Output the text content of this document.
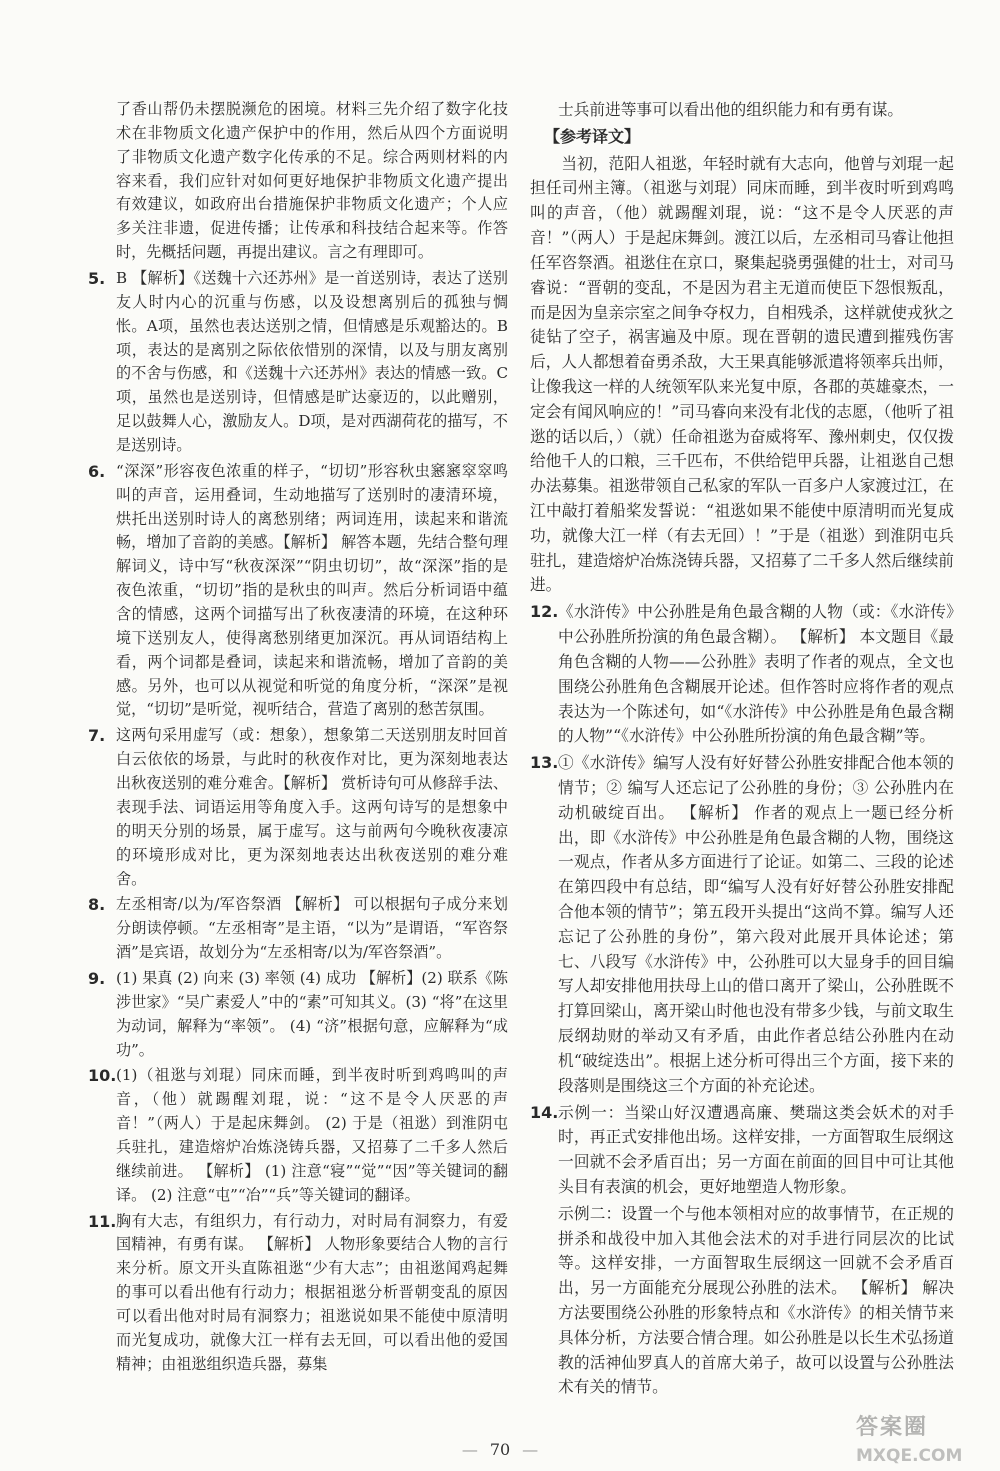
了香山帮仍未摆脱濒危的困境。材料三先介绍了数字化技术在非物质文化遗产保护中的作用，然后从四个方面说明了非物质文化遗产数字化传承的不足。综合两则材料的内容来看，我们应针对如何更好地保护非物质文化遗产提出有效建议，如政府出台措施保护非物质文化遗产；个人应多关注非遗，促进传播；让传承和科技结合起来等。作答时，先概括问题，再提出建议。言之有理即可。
5. B 【解析】《送魏十六还苏州》是一首送别诗，表达了送别友人时内心的沉重与伤感，以及设想离别后的孤独与惆怅。A项，虽然也表达送别之情，但情感是乐观豁达的。B项，表达的是离别之际依依惜别的深情，以及与朋友离别的不舍与伤感，和《送魏十六还苏州》表达的情感一致。C项，虽然也是送别诗，但情感是旷达豪迈的，以此赠别，足以鼓舞人心，激励友人。D项，是对西湖荷花的描写，不是送别诗。
6. “深深”形容夜色浓重的样子，“切切”形容秋虫窸窸窣窣鸣叫的声音，运用叠词，生动地描写了送别时的凄清环境，烘托出送别时诗人的离愁别绪；两词连用，读起来和谐流畅，增加了音韵的美感。【解析】 解答本题，先结合整句理解词义，诗中写“秋夜深深”“阴虫切切”，故“深深”指的是夜色浓重，“切切”指的是秋虫的叫声。然后分析词语中蕴含的情感，这两个词描写出了秋夜凄清的环境，在这种环境下送别友人，使得离愁别绪更加深沉。再从词语结构上看，两个词都是叠词，读起来和谐流畅，增加了音韵的美感。另外，也可以从视觉和听觉的角度分析，“深深”是视觉，“切切”是听觉，视听结合，营造了离别的愁苦氛围。
7. 这两句采用虚写（或：想象），想象第二天送别朋友时回首白云依依的场景，与此时的秋夜作对比，更为深刻地表达出秋夜送别的难分难舍。【解析】 赏析诗句可从修辞手法、表现手法、词语运用等角度入手。这两句诗写的是想象中的明天分别的场景，属于虚写。这与前两句今晚秋夜凄凉的环境形成对比，更为深刻地表达出秋夜送别的难分难舍。
8. 左丞相寄/以为/军咨祭酒 【解析】 可以根据句子成分来划分朗读停顿。“左丞相寄”是主语，“以为”是谓语，“军咨祭酒”是宾语，故划分为“左丞相寄/以为/军咨祭酒”。
9. (1) 果真 (2) 向来 (3) 率领 (4) 成功 【解析】(2) 联系《陈涉世家》“吴广素爱人”中的“素”可知其义。(3) “将”在这里为动词，解释为“率领”。 (4) “济”根据句意，应解释为“成功”。
10. (1)（祖逖与刘琨）同床而睡，到半夜时听到鸡鸣叫的声音，（他）就踢醒刘琨，说：“这不是令人厌恶的声音！”（两人）于是起床舞剑。 (2) 于是（祖逖）到淮阴屯兵驻扎，建造熔炉冶炼浇铸兵器，又招募了二千多人然后继续前进。 【解析】 (1) 注意“寝”“觉”“因”等关键词的翻译。 (2) 注意“屯”“冶”“兵”等关键词的翻译。
11. 胸有大志，有组织力，有行动力，对时局有洞察力，有爱国精神，有勇有谋。 【解析】 人物形象要结合人物的言行来分析。原文开头直陈祖逖“少有大志”；由祖逖闻鸡起舞的事可以看出他有行动力；根据祖逖分析晋朝变乱的原因可以看出他对时局有洞察力；祖逖说如果不能使中原清明而光复成功，就像大江一样有去无回，可以看出他的爱国精神；由祖逖组织造兵器，募集
士兵前进等事可以看出他的组织能力和有勇有谋。
【参考译文】
当初，范阳人祖逖，年轻时就有大志向，他曾与刘琨一起担任司州主簿。（祖逖与刘琨）同床而睡，到半夜时听到鸡鸣叫的声音，（他）就踢醒刘琨，说：“这不是令人厌恶的声音！”（两人）于是起床舞剑。渡江以后，左丞相司马睿让他担任军咨祭酒。祖逖住在京口，聚集起骁勇强健的壮士，对司马睿说：“晋朝的变乱，不是因为君主无道而使臣下怨恨叛乱，而是因为皇亲宗室之间争夺权力，自相残杀，这样就使戎狄之徒钻了空子，祸害遍及中原。现在晋朝的遗民遭到摧残伤害后，人人都想着奋勇杀敌，大王果真能够派遣将领率兵出师，让像我这一样的人统领军队来光复中原，各郡的英雄豪杰，一定会有闻风响应的！”司马睿向来没有北伐的志愿，（他听了祖逖的话以后，）（就）任命祖逖为奋威将军、豫州刺史，仅仅拨给他千人的口粮，三千匹布，不供给铠甲兵器，让祖逖自己想办法募集。祖逖带领自己私家的军队一百多户人家渡过江，在江中敲打着船桨发誓说：“祖逖如果不能使中原清明而光复成功，就像大江一样（有去无回）！”于是（祖逖）到淮阴屯兵驻扎，建造熔炉冶炼浇铸兵器，又招募了二千多人然后继续前进。
12. 《水浒传》中公孙胜是角色最含糊的人物（或：《水浒传》中公孙胜所扮演的角色最含糊）。 【解析】 本文题目《最角色含糊的人物——公孙胜》表明了作者的观点，全文也围绕公孙胜角色含糊展开论述。但作答时应将作者的观点表达为一个陈述句，如“《水浒传》中公孙胜是角色最含糊的人物”“《水浒传》中公孙胜所扮演的角色最含糊”等。
13. ①《水浒传》编写人没有好好替公孙胜安排配合他本领的情节；② 编写人还忘记了公孙胜的身份；③ 公孙胜内在动机破绽百出。 【解析】 作者的观点上一题已经分析出，即《水浒传》中公孙胜是角色最含糊的人物，围绕这一观点，作者从多方面进行了论证。如第二、三段的论述在第四段中有总结，即“编写人没有好好替公孙胜安排配合他本领的情节”；第五段开头提出“这尚不算。编写人还忘记了公孙胜的身份”，第六段对此展开具体论述；第七、八段写《水浒传》中，公孙胜可以大显身手的回目编写人却安排他用扶母上山的借口离开了梁山，公孙胜既不打算回梁山，离开梁山时他也没有带多少钱，与前文取生辰纲劫财的举动又有矛盾，由此作者总结公孙胜内在动机“破绽迭出”。根据上述分析可得出三个方面，接下来的段落则是围绕这三个方面的补充论述。
14. 示例一：当梁山好汉遭遇高廉、樊瑞这类会妖术的对手时，再正式安排他出场。这样安排，一方面智取生辰纲这一回就不会矛盾百出；另一方面在前面的回目中可让其他头目有表演的机会，更好地塑造人物形象。
示例二：设置一个与他本领相对应的故事情节，在正规的拼杀和战役中加入其他会法术的对手进行同层次的比试等。这样安排，一方面智取生辰纲这一回就不会矛盾百出，另一方面能充分展现公孙胜的法术。 【解析】 解决方法要围绕公孙胜的形象特点和《水浒传》的相关情节来具体分析，方法要合情合理。如公孙胜是以长生术弘扬道教的活神仙罗真人的首席大弟子，故可以设置与公孙胜法术有关的情节。
— 70 —
答案圈
MXQE.COM
